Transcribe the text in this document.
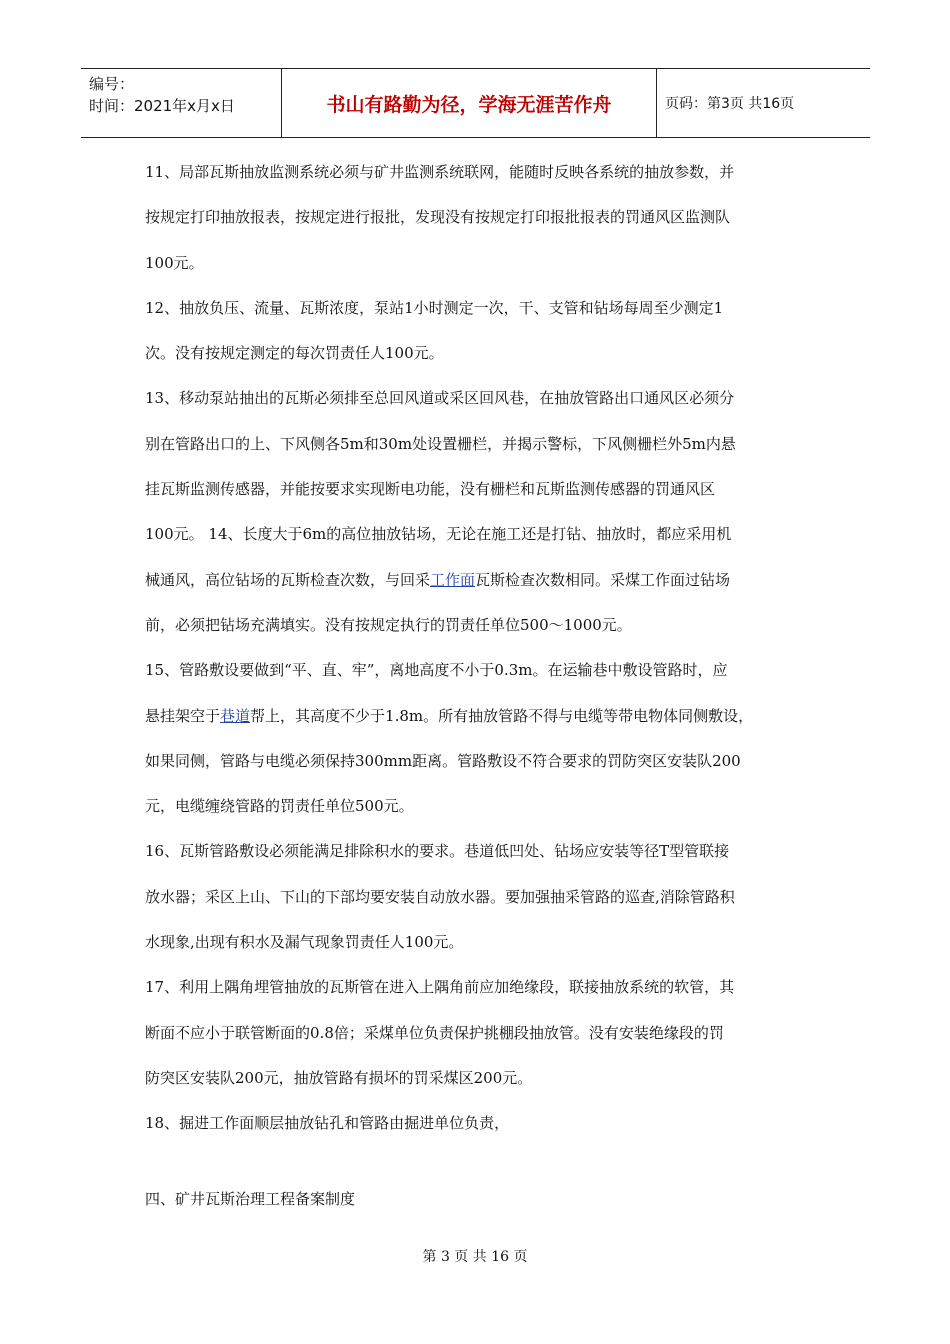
编号：
时间：2021年x月x日	书山有路勤为径，学海无涯苦作舟	页码：第3页 共16页
11、局部瓦斯抽放监测系统必须与矿井监测系统联网，能随时反映各系统的抽放参数，并
按规定打印抽放报表，按规定进行报批，发现没有按规定打印报批报表的罚通风区监测队
100元。
12、抽放负压、流量、瓦斯浓度，泵站1小时测定一次，干、支管和钻场每周至少测定1
次。没有按规定测定的每次罚责任人100元。
13、移动泵站抽出的瓦斯必须排至总回风道或采区回风巷，在抽放管路出口通风区必须分
别在管路出口的上、下风侧各5m和30m处设置栅栏，并揭示警标，下风侧栅栏外5m内悬
挂瓦斯监测传感器，并能按要求实现断电功能，没有栅栏和瓦斯监测传感器的罚通风区
100元。 14、长度大于6m的高位抽放钻场，无论在施工还是打钻、抽放时，都应采用机
械通风，高位钻场的瓦斯检查次数，与回采工作面瓦斯检查次数相同。采煤工作面过钻场
前，必须把钻场充满填实。没有按规定执行的罚责任单位500～1000元。
15、管路敷设要做到“平、直、牢”，离地高度不小于0.3m。在运输巷中敷设管路时，应
悬挂架空于巷道帮上，其高度不少于1.8m。所有抽放管路不得与电缆等带电物体同侧敷设，
如果同侧，管路与电缆必须保持300mm距离。管路敷设不符合要求的罚防突区安装队200
元，电缆缠绕管路的罚责任单位500元。
16、瓦斯管路敷设必须能满足排除积水的要求。巷道低凹处、钻场应安装等径T型管联接
放水器；采区上山、下山的下部均要安装自动放水器。要加强抽采管路的巡查,消除管路积
水现象,出现有积水及漏气现象罚责任人100元。
17、利用上隅角埋管抽放的瓦斯管在进入上隅角前应加绝缘段，联接抽放系统的软管，其
断面不应小于联管断面的0.8倍；采煤单位负责保护挑棚段抽放管。没有安装绝缘段的罚
防突区安装队200元，抽放管路有损坏的罚采煤区200元。
18、掘进工作面顺层抽放钻孔和管路由掘进单位负责，
四、矿井瓦斯治理工程备案制度
第 3 页 共 16 页
